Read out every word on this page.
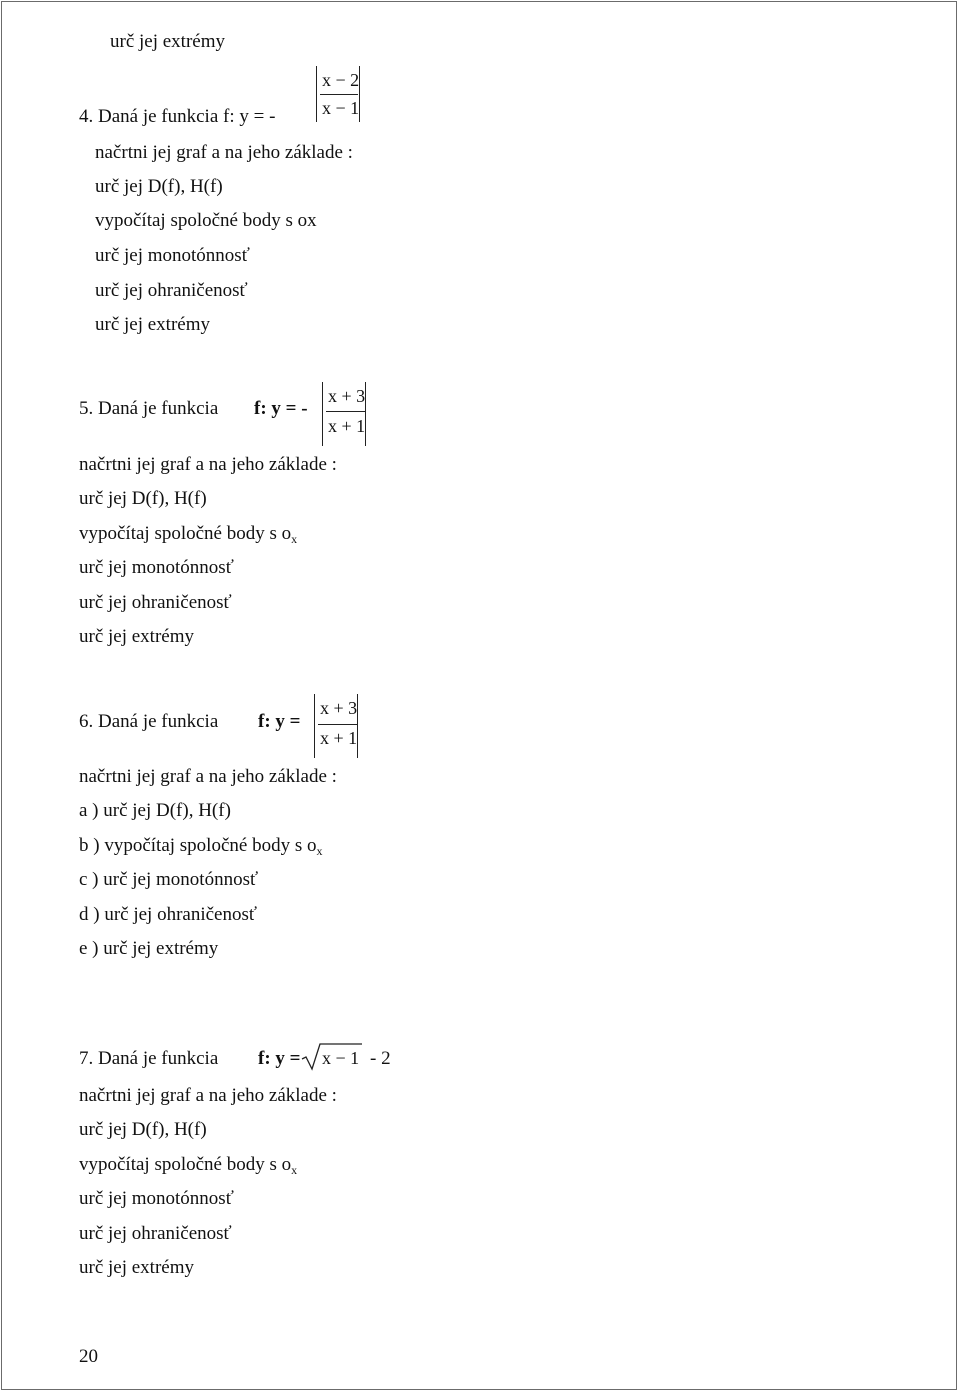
urč jej extrémy
4. Daná je funkcia f: y = -
x − 2
x − 1
načrtni jej graf a na jeho základe :
urč jej D(f), H(f)
vypočítaj spoločné body s ox
urč jej monotónnosť
urč jej ohraničenosť
urč jej extrémy
5. Daná je funkcia f: y = -
x + 3
x + 1
načrtni jej graf a na jeho základe :
urč jej D(f), H(f)
vypočítaj spoločné body s $o_x$
urč jej monotónnosť
urč jej ohraničenosť
urč jej extrémy
6. Daná je funkcia f: y =
x + 3
x + 1
načrtni jej graf a na jeho základe :
a ) urč jej D(f), H(f)
b ) vypočítaj spoločné body s $o_x$
c ) urč jej monotónnosť
d ) urč jej ohraničenosť
e ) urč jej extrémy
7. Daná je funkcia f: y = x − 1 - 2
načrtni jej graf a na jeho základe :
urč jej D(f), H(f)
vypočítaj spoločné body s $o_x$
urč jej monotónnosť
urč jej ohraničenosť
urč jej extrémy
20
